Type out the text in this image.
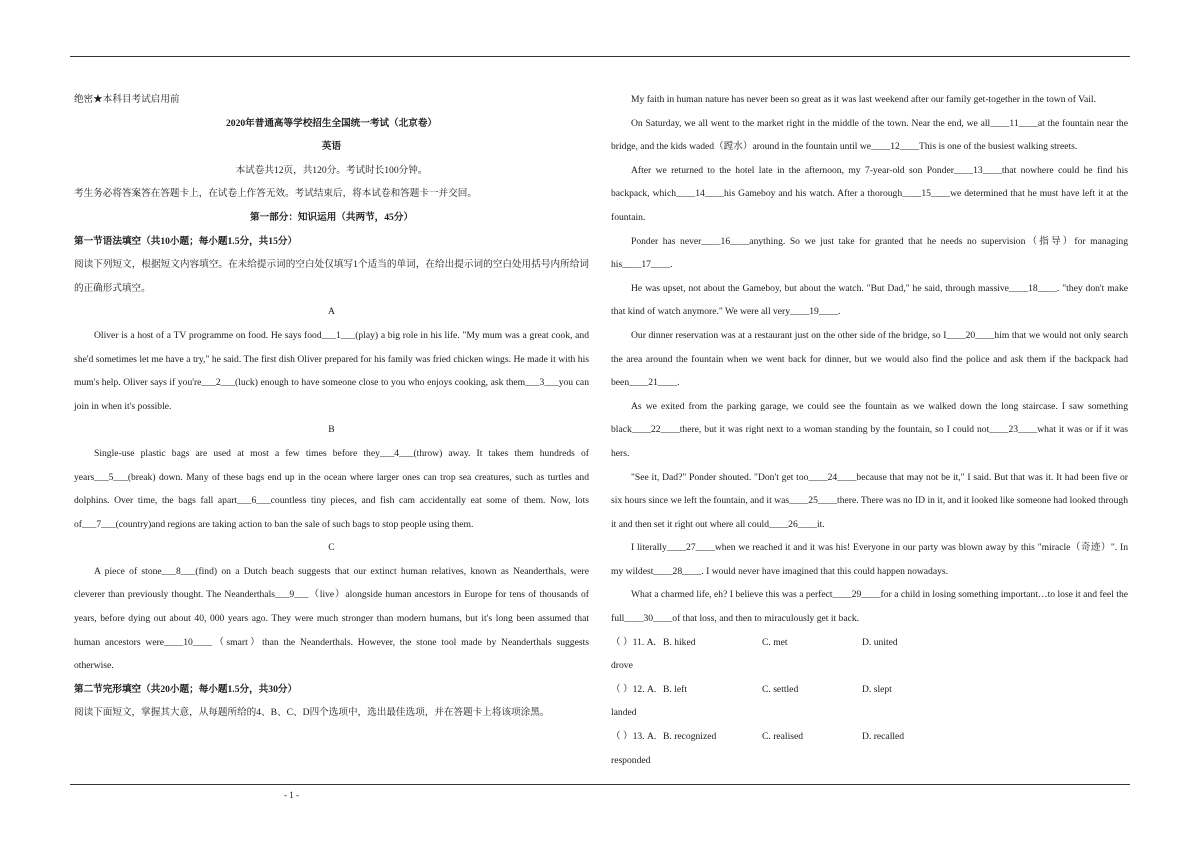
绝密★本科目考试启用前

2020年普通高等学校招生全国统一考试（北京卷）

英语

本试卷共12页，共120分。考试时长100分钟。

考生务必将答案答在答题卡上，在试卷上作答无效。考试结束后，将本试卷和答题卡一并交回。

第一部分：知识运用（共两节，45分）

第一节语法填空（共10小题；每小题1.5分，共15分）

阅读下列短文，根据短文内容填空。在未给提示词的空白处仅填写1个适当的单词，在给出提示词的空白处用括号内所给词的正确形式填空。

A

Oliver is a host of a TV programme on food. He says food___1___(play) a big role in his life. "My mum was a great cook, and she'd sometimes let me have a try," he said. The first dish Oliver prepared for his family was fried chicken wings. He made it with his mum's help. Oliver says if you're___2___(luck) enough to have someone close to you who enjoys cooking, ask them___3___you can join in when it's possible.

B

Single-use plastic bags are used at most a few times before they___4___(throw) away. It takes them hundreds of years___5___(break) down. Many of these bags end up in the ocean where larger ones can trop sea creatures, such as turtles and dolphins. Over time, the bags fall apart___6___countless tiny pieces, and fish cam accidentally eat some of them. Now, lots of___7___(country)and regions are taking action to ban the sale of such bags to stop people using them.

C

A piece of stone___8___(find) on a Dutch beach suggests that our extinct human relatives, known as Neanderthals, were cleverer than previously thought. The Neanderthals___9___（live）alongside human ancestors in Europe for tens of thousands of years, before dying out about 40, 000 years ago. They were much stronger than modern humans, but it's long been assumed that human ancestors were____10____（smart）than the Neanderthals. However, the stone tool made by Neanderthals suggests otherwise.

第二节完形填空（共20小题；每小题1.5分，共30分）

阅读下面短文，掌握其大意，从每题所给的4、B、C、D四个选项中，选出最佳选项，并在答题卡上将该项涂黑。

My faith in human nature has never been so great as it was last weekend after our family get-together in the town of Vail.

On Saturday, we all went to the market right in the middle of the town. Near the end, we all____11____at the fountain near the bridge, and the kids waded（蹚水）around in the fountain until we____12____This is one of the busiest walking streets.

After we returned to the hotel late in the afternoon, my 7-year-old son Ponder____13____that nowhere could he find his backpack, which____14____his Gameboy and his watch. After a thorough____15____we determined that he must have left it at the fountain.

Ponder has never____16____anything. So we just take for granted that he needs no supervision（指导）for managing his____17____.

He was upset, not about the Gameboy, but about the watch. "But Dad," he said, through massive____18____. "they don't make that kind of watch anymore." We were all very____19____.

Our dinner reservation was at a restaurant just on the other side of the bridge, so I____20____him that we would not only search the area around the fountain when we went back for dinner, but we would also find the police and ask them if the backpack had been____21____.

As we exited from the parking garage, we could see the fountain as we walked down the long staircase. I saw something black____22____there, but it was right next to a woman standing by the fountain, so I could not____23____what it was or if it was hers.

"See it, Dad?" Ponder shouted. "Don't get too____24____because that may not be it," I said. But that was it. It had been five or six hours since we left the fountain, and it was____25____there. There was no ID in it, and it looked like someone had looked through it and then set it right out where all could____26____it.

I literally____27____when we reached it and it was his! Everyone in our party was blown away by this "miracle（奇迹）". In my wildest____28____. I would never have imagined that this could happen nowadays.

What a charmed life, eh? I believe this was a perfect____29____for a child in losing something important…to lose it and feel the full____30____of that loss, and then to miraculously get it back.

（ ）11. A. drove
B. hiked	C. met	D. united
（ ）12. A. landed
B. left	C. settled	D. slept
（ ）13. A. responded
B. recognized	C. realised	D. recalled
- 1 -
